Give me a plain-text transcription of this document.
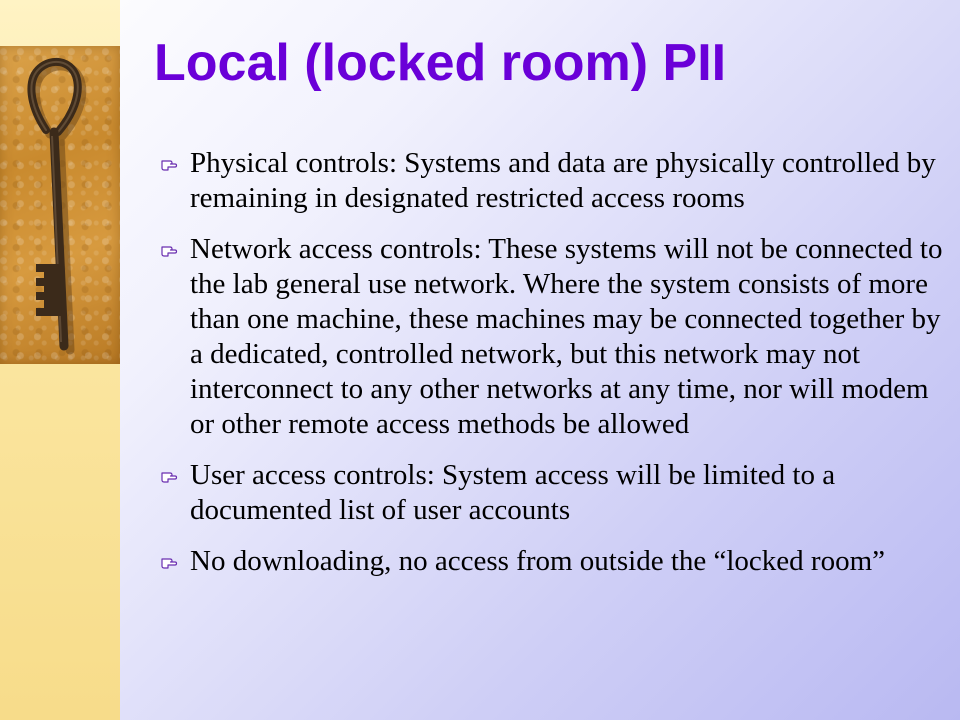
Local (locked room) PII
Physical controls: Systems and data are physically controlled by remaining in designated restricted access rooms
Network access controls: These systems will not be connected to the lab general use network. Where the system consists of more than one machine, these machines may be connected together by a dedicated, controlled network, but this network may not interconnect to any other networks at any time, nor will modem or other remote access methods be allowed
User access controls: System access will be limited to a documented list of user accounts
No downloading, no access from outside the “locked room”
